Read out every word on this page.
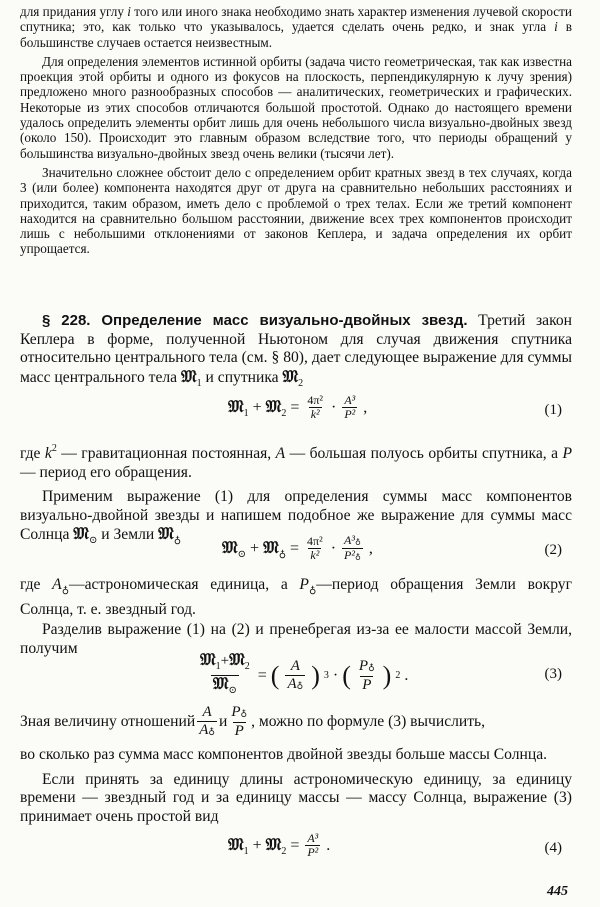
для придания углу i того или иного знака необходимо знать характер изменения лучевой скорости спутника; это, как только что указывалось, удается сделать очень редко, и знак угла i в большинстве случаев остается неизвестным.

Для определения элементов истинной орбиты (задача чисто геометрическая, так как известна проекция этой орбиты и одного из фокусов на плоскость, перпендикулярную к лучу зрения) предложено много разнообразных способов — аналитических, геометрических и графических. Некоторые из этих способов отличаются большой простотой. Однако до настоящего времени удалось определить элементы орбит лишь для очень небольшого числа визуально-двойных звезд (около 150). Происходит это главным образом вследствие того, что периоды обращений у большинства визуально-двойных звезд очень велики (тысячи лет).

Значительно сложнее обстоит дело с определением орбит кратных звезд в тех случаях, когда 3 (или более) компонента находятся друг от друга на сравнительно небольших расстояниях и приходится, таким образом, иметь дело с проблемой о трех телах. Если же третий компонент находится на сравнительно большом расстоянии, движение всех трех компонентов происходит лишь с небольшими отклонениями от законов Кеплера, и задача определения их орбит упрощается.

§ 228. Определение масс визуально-двойных звезд. Третий закон Кеплера в форме, полученной Ньютоном для случая движения спутника относительно центрального тела (см. § 80), дает следующее выражение для суммы масс центрального тела 𝔐$_1$ и спутника 𝔐$_2$

𝔐$_1$ + 𝔐$_2$ = $\frac{\text{4π²}}{\text{k²}} \cdot \frac{\text{A³}}{\text{P²}}$ ,	(1)

где $k^2$ — гравитационная постоянная, A — большая полуось орбиты спутника, а P — период его обращения.

Применим выражение (1) для определения суммы масс компонентов визуально-двойной звезды и напишем подобное же выражение для суммы масс Солнца 𝔐$_⊙$ и Земли 𝔐$_♁$	𝔐$_⊙$ + 𝔐$_♁$ = $\frac{\text{4π²}}{\text{k²}} \cdot \frac{\text{A³♁}}{\text{P²♁}}$ ,	(2)

где $A_♁—астрономическая$ единица, а $P_♁—период$ обращения Земли вокруг Солнца, т. е. звездный год.

Разделив выражение (1) на (2) и пренебрегая из-за ее малости массой Земли, получим

$\frac{𝔐_1+𝔐_2}{𝔐_⊙}$ = ( $\frac{A}{A♁}$ ) 3 · ( $\frac{P♁}{P}$ ) 2 .	(3)

Зная величину отношений $\frac{A}{A♁}$ и $\frac{P♁}{P}$ , можно по формуле (3) вычислить,

во сколько раз сумма масс компонентов двойной звезды больше массы Солнца.

Если принять за единицу длины астрономическую единицу, за единицу времени — звездный год и за единицу массы — массу Солнца, выражение (3) принимает очень простой вид

𝔐$_1$ + 𝔐$_2$ = $\frac{\text{A³}}{\text{P²}}$ .	(4)
445
